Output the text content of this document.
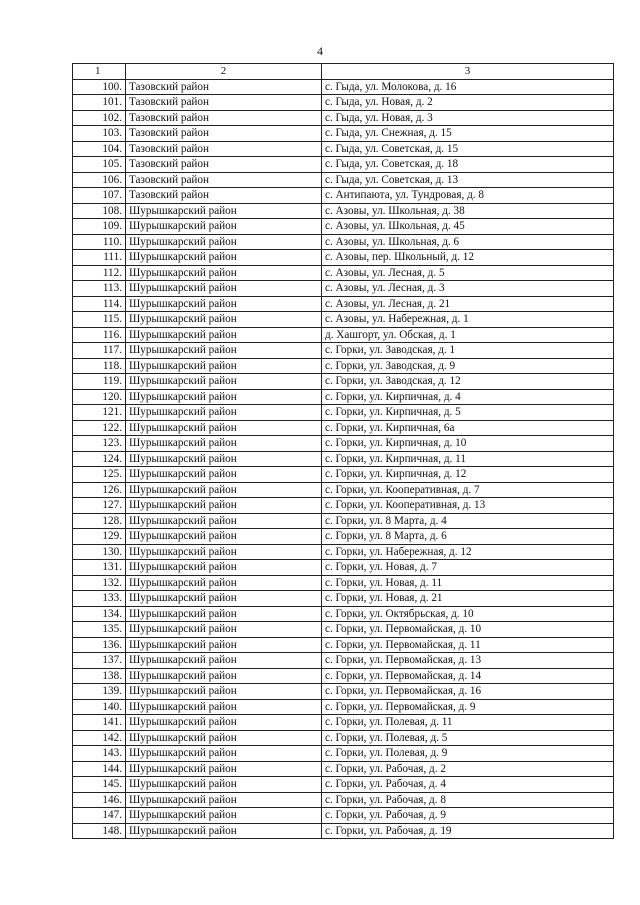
4
1	2	3
100.	Тазовский район	с. Гыда, ул. Молокова, д. 16
101.	Тазовский район	с. Гыда, ул. Новая, д. 2
102.	Тазовский район	с. Гыда, ул. Новая, д. 3
103.	Тазовский район	с. Гыда, ул. Снежная, д. 15
104.	Тазовский район	с. Гыда, ул. Советская, д. 15
105.	Тазовский район	с. Гыда, ул. Советская, д. 18
106.	Тазовский район	с. Гыда, ул. Советская, д. 13
107.	Тазовский район	с. Антипаюта, ул. Тундровая, д. 8
108.	Шурышкарский район	с. Азовы, ул. Школьная, д. 38
109.	Шурышкарский район	с. Азовы, ул. Школьная, д. 45
110.	Шурышкарский район	с. Азовы, ул. Школьная, д. 6
111.	Шурышкарский район	с. Азовы, пер. Школьный, д. 12
112.	Шурышкарский район	с. Азовы, ул. Лесная, д. 5
113.	Шурышкарский район	с. Азовы, ул. Лесная, д. 3
114.	Шурышкарский район	с. Азовы, ул. Лесная, д. 21
115.	Шурышкарский район	с. Азовы, ул. Набережная, д. 1
116.	Шурышкарский район	д. Хашгорт, ул. Обская, д. 1
117.	Шурышкарский район	с. Горки, ул. Заводская, д. 1
118.	Шурышкарский район	с. Горки, ул. Заводская, д. 9
119.	Шурышкарский район	с. Горки, ул. Заводская, д. 12
120.	Шурышкарский район	с. Горки, ул. Кирпичная, д. 4
121.	Шурышкарский район	с. Горки, ул. Кирпичная, д. 5
122.	Шурышкарский район	с. Горки, ул. Кирпичная, 6а
123.	Шурышкарский район	с. Горки, ул. Кирпичная, д. 10
124.	Шурышкарский район	с. Горки, ул. Кирпичная, д. 11
125.	Шурышкарский район	с. Горки, ул. Кирпичная, д. 12
126.	Шурышкарский район	с. Горки, ул. Кооперативная, д. 7
127.	Шурышкарский район	с. Горки, ул. Кооперативная, д. 13
128.	Шурышкарский район	с. Горки, ул. 8 Марта, д. 4
129.	Шурышкарский район	с. Горки, ул. 8 Марта, д. 6
130.	Шурышкарский район	с. Горки, ул. Набережная, д. 12
131.	Шурышкарский район	с. Горки, ул. Новая, д. 7
132.	Шурышкарский район	с. Горки, ул. Новая, д. 11
133.	Шурышкарский район	с. Горки, ул. Новая, д. 21
134.	Шурышкарский район	с. Горки, ул. Октябрьская, д. 10
135.	Шурышкарский район	с. Горки, ул. Первомайская, д. 10
136.	Шурышкарский район	с. Горки, ул. Первомайская, д. 11
137.	Шурышкарский район	с. Горки, ул. Первомайская, д. 13
138.	Шурышкарский район	с. Горки, ул. Первомайская, д. 14
139.	Шурышкарский район	с. Горки, ул. Первомайская, д. 16
140.	Шурышкарский район	с. Горки, ул. Первомайская, д. 9
141.	Шурышкарский район	с. Горки, ул. Полевая, д. 11
142.	Шурышкарский район	с. Горки, ул. Полевая, д. 5
143.	Шурышкарский район	с. Горки, ул. Полевая, д. 9
144.	Шурышкарский район	с. Горки, ул. Рабочая, д. 2
145.	Шурышкарский район	с. Горки, ул. Рабочая, д. 4
146.	Шурышкарский район	с. Горки, ул. Рабочая, д. 8
147.	Шурышкарский район	с. Горки, ул. Рабочая, д. 9
148.	Шурышкарский район	с. Горки, ул. Рабочая, д. 19
